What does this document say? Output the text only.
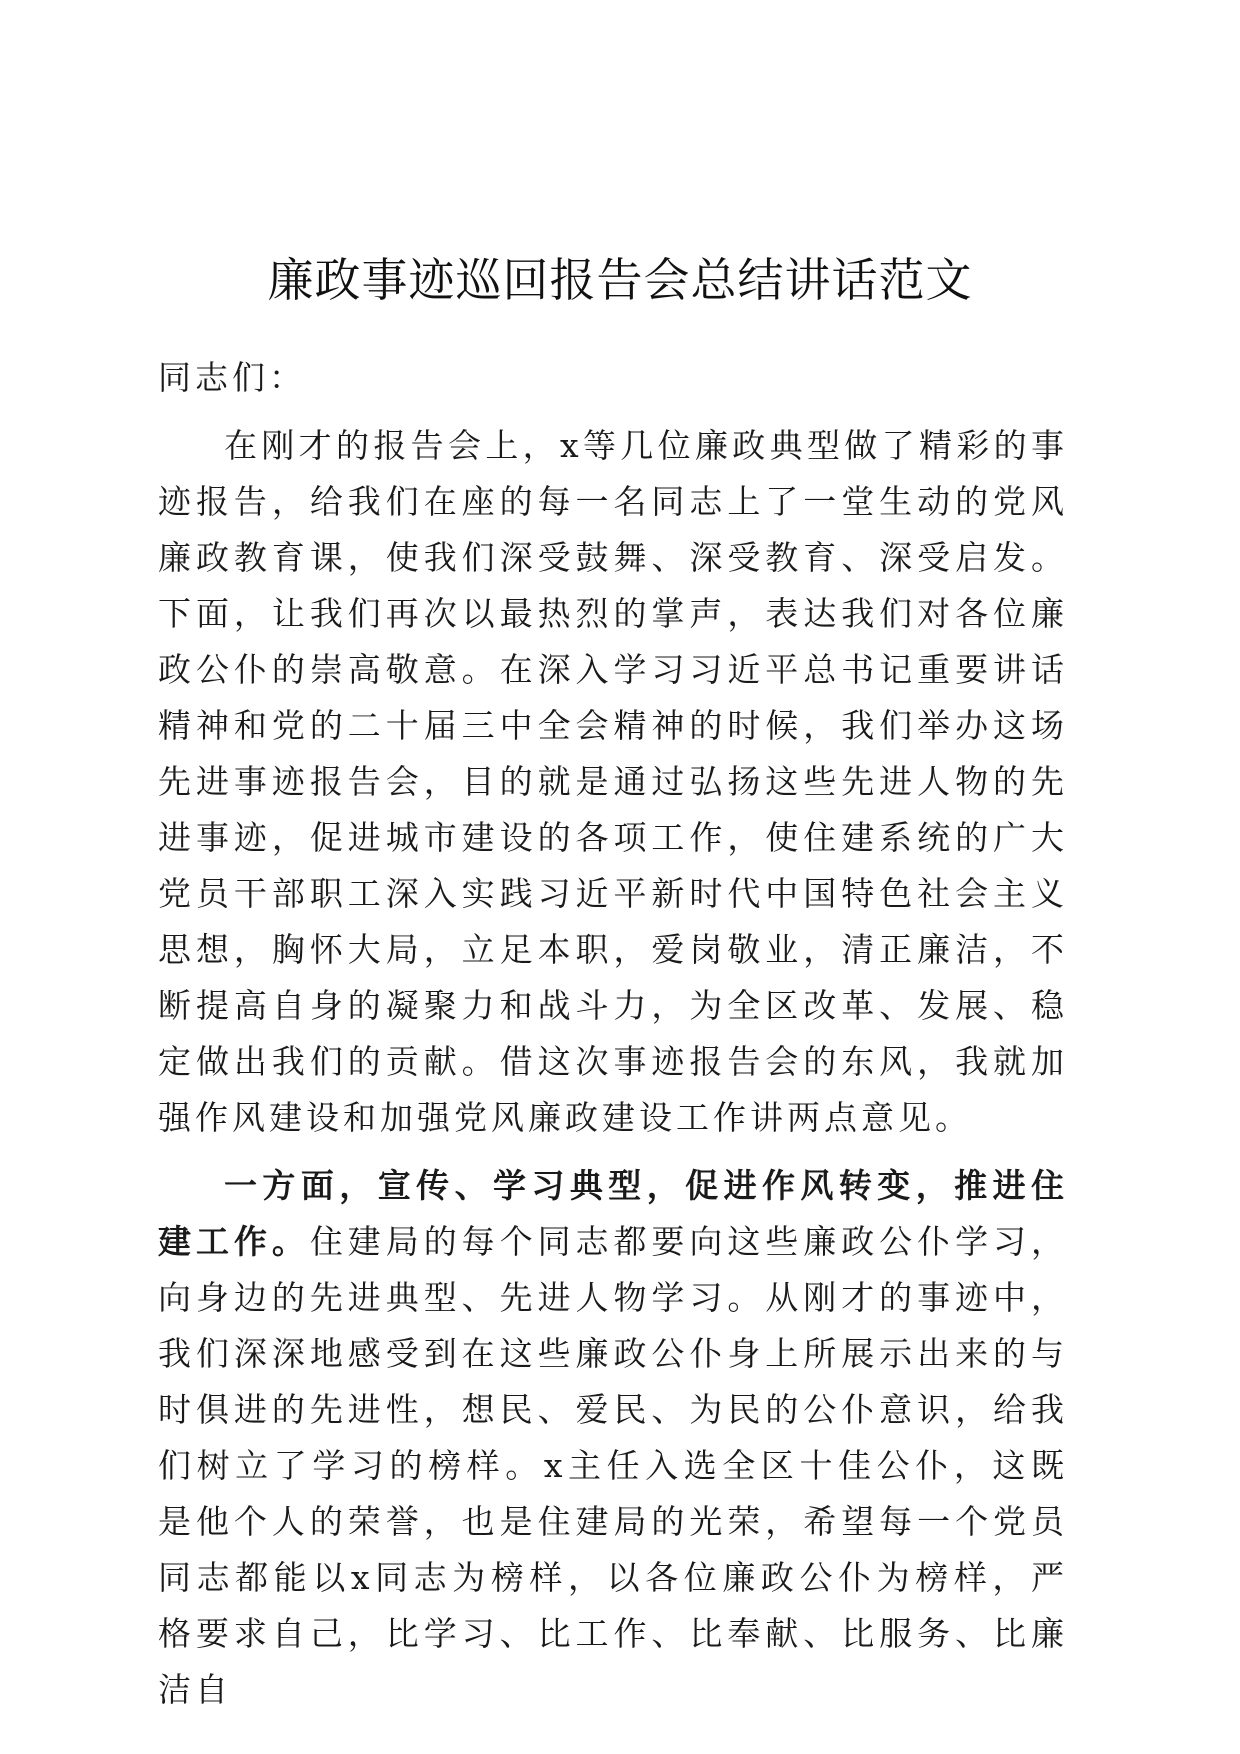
廉政事迹巡回报告会总结讲话范文

同志们：

在刚才的报告会上，x等几位廉政典型做了精彩的事迹报告，给我们在座的每一名同志上了一堂生动的党风廉政教育课，使我们深受鼓舞、深受教育、深受启发。下面，让我们再次以最热烈的掌声，表达我们对各位廉政公仆的崇高敬意。在深入学习习近平总书记重要讲话精神和党的二十届三中全会精神的时候，我们举办这场先进事迹报告会，目的就是通过弘扬这些先进人物的先进事迹，促进城市建设的各项工作，使住建系统的广大党员干部职工深入实践习近平新时代中国特色社会主义思想，胸怀大局，立足本职，爱岗敬业，清正廉洁，不断提高自身的凝聚力和战斗力，为全区改革、发展、稳定做出我们的贡献。借这次事迹报告会的东风，我就加强作风建设和加强党风廉政建设工作讲两点意见。

一方面，宣传、学习典型，促进作风转变，推进住建工作。住建局的每个同志都要向这些廉政公仆学习，向身边的先进典型、先进人物学习。从刚才的事迹中，我们深深地感受到在这些廉政公仆身上所展示出来的与时俱进的先进性，想民、爱民、为民的公仆意识，给我们树立了学习的榜样。x主任入选全区十佳公仆，这既是他个人的荣誉，也是住建局的光荣，希望每一个党员同志都能以x同志为榜样，以各位廉政公仆为榜样，严格要求自己，比学习、比工作、比奉献、比服务、比廉洁自
